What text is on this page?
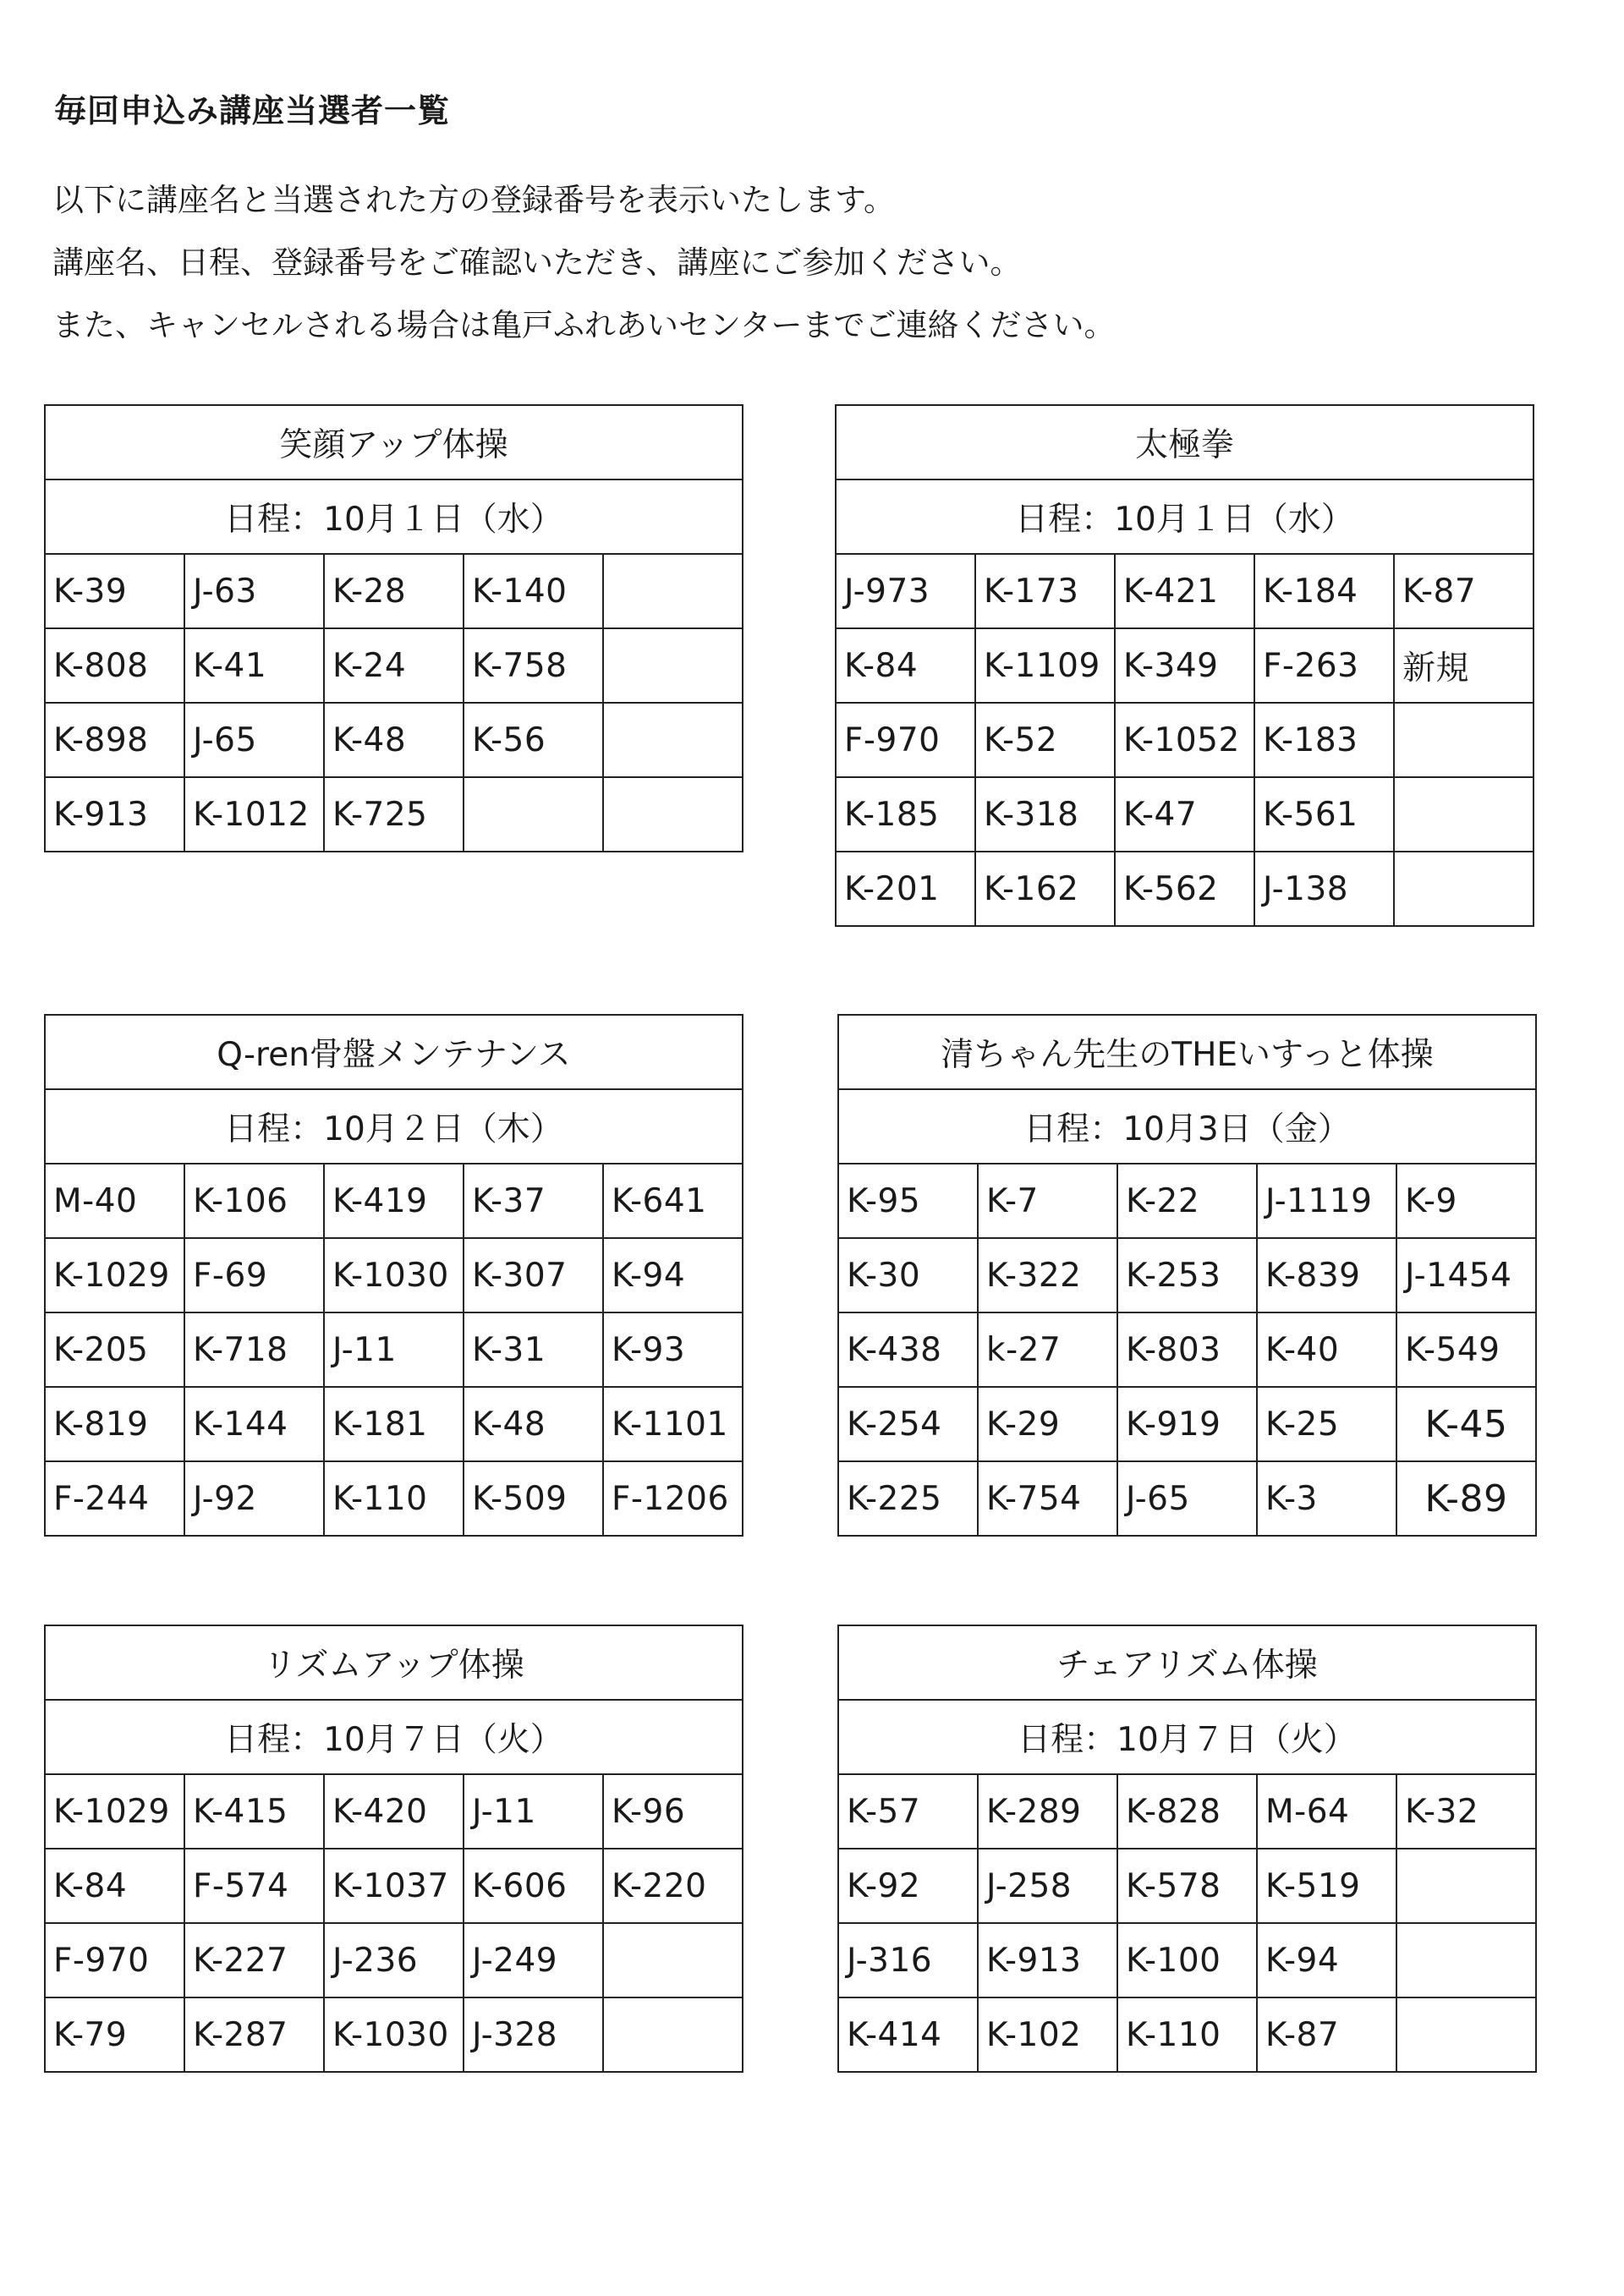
毎回申込み講座当選者一覧
以下に講座名と当選された方の登録番号を表示いたします。
講座名、日程、登録番号をご確認いただき、講座にご参加ください。
また、キャンセルされる場合は亀戸ふれあいセンターまでご連絡ください。
笑顔アップ体操				
日程：10月１日（水）				
K-39	J-63	K-28	K-140	
K-808	K-41	K-24	K-758	
K-898	J-65	K-48	K-56	
K-913	K-1012	K-725		
太極拳				
日程：10月１日（水）				
J-973	K-173	K-421	K-184	K-87
K-84	K-1109	K-349	F-263	新規
F-970	K-52	K-1052	K-183	
K-185	K-318	K-47	K-561	
K-201	K-162	K-562	J-138	
Q-ren骨盤メンテナンス				
日程：10月２日（木）				
M-40	K-106	K-419	K-37	K-641
K-1029	F-69	K-1030	K-307	K-94
K-205	K-718	J-11	K-31	K-93
K-819	K-144	K-181	K-48	K-1101
F-244	J-92	K-110	K-509	F-1206
清ちゃん先生のTHEいすっと体操				
日程：10月3日（金）				
K-95	K-7	K-22	J-1119	K-9
K-30	K-322	K-253	K-839	J-1454
K-438	k-27	K-803	K-40	K-549
K-254	K-29	K-919	K-25	K-45
K-225	K-754	J-65	K-3	K-89
リズムアップ体操				
日程：10月７日（火）				
K-1029	K-415	K-420	J-11	K-96
K-84	F-574	K-1037	K-606	K-220
F-970	K-227	J-236	J-249	
K-79	K-287	K-1030	J-328	
チェアリズム体操				
日程：10月７日（火）				
K-57	K-289	K-828	M-64	K-32
K-92	J-258	K-578	K-519	
J-316	K-913	K-100	K-94	
K-414	K-102	K-110	K-87	
